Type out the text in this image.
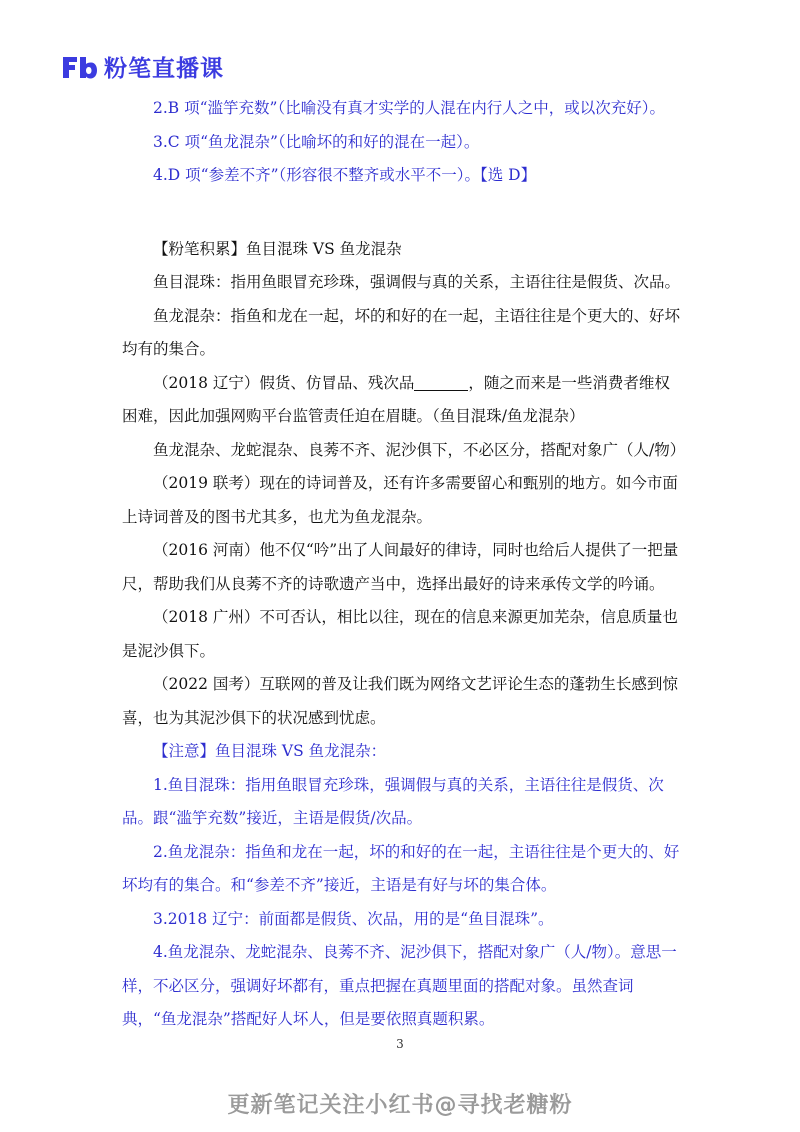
粉笔直播课

2.B 项“滥竽充数”（比喻没有真才实学的人混在内行人之中，或以次充好）。

3.C 项“鱼龙混杂”（比喻坏的和好的混在一起）。

4.D 项“参差不齐”（形容很不整齐或水平不一）。【选 D】

【粉笔积累】鱼目混珠 VS 鱼龙混杂

鱼目混珠：指用鱼眼冒充珍珠，强调假与真的关系，主语往往是假货、次品。

鱼龙混杂：指鱼和龙在一起，坏的和好的在一起，主语往往是个更大的、好坏均有的集合。

（2018 辽宁）假货、仿冒品、残次品	，随之而来是一些消费者维权困难，因此加强网购平台监管责任迫在眉睫。（鱼目混珠/鱼龙混杂）

鱼龙混杂、龙蛇混杂、良莠不齐、泥沙俱下，不必区分，搭配对象广（人/物）

（2019 联考）现在的诗词普及，还有许多需要留心和甄别的地方。如今市面上诗词普及的图书尤其多，也尤为鱼龙混杂。

（2016 河南）他不仅“吟”出了人间最好的律诗，同时也给后人提供了一把量尺，帮助我们从良莠不齐的诗歌遗产当中，选择出最好的诗来承传文学的吟诵。

（2018 广州）不可否认，相比以往，现在的信息来源更加芜杂，信息质量也是泥沙俱下。

（2022 国考）互联网的普及让我们既为网络文艺评论生态的蓬勃生长感到惊喜，也为其泥沙俱下的状况感到忧虑。

【注意】鱼目混珠 VS 鱼龙混杂：

1.鱼目混珠：指用鱼眼冒充珍珠，强调假与真的关系，主语往往是假货、次品。跟“滥竽充数”接近，主语是假货/次品。

2.鱼龙混杂：指鱼和龙在一起，坏的和好的在一起，主语往往是个更大的、好坏均有的集合。和“参差不齐”接近，主语是有好与坏的集合体。

3.2018 辽宁：前面都是假货、次品，用的是“鱼目混珠”。

4.鱼龙混杂、龙蛇混杂、良莠不齐、泥沙俱下，搭配对象广（人/物）。意思一样，不必区分，强调好坏都有，重点把握在真题里面的搭配对象。虽然查词典，“鱼龙混杂”搭配好人坏人，但是要依照真题积累。

3
更新笔记关注小红书@寻找老糖粉
